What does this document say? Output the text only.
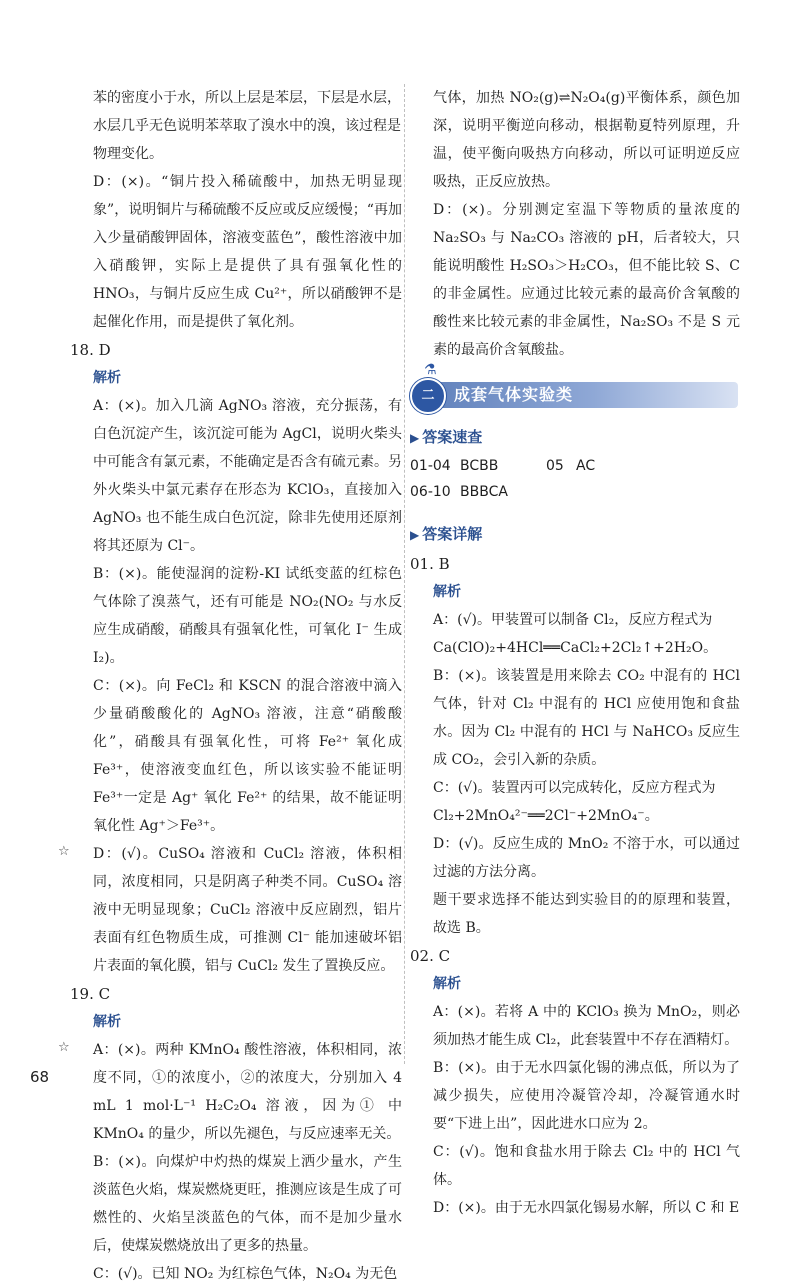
苯的密度小于水，所以上层是苯层，下层是水层，

水层几乎无色说明苯萃取了溴水中的溴，该过程是

物理变化。

D：(×)。“铜片投入稀硫酸中，加热无明显现象”，说明铜片与稀硫酸不反应或反应缓慢；“再加入少量硝酸钾固体，溶液变蓝色”，酸性溶液中加入硝酸钾，实际上是提供了具有强氧化性的 HNO₃，与铜片反应生成 Cu²⁺，所以硝酸钾不是起催化作用，而是提供了氧化剂。

18. D

解析

A：(×)。加入几滴 AgNO₃ 溶液，充分振荡，有白色沉淀产生，该沉淀可能为 AgCl，说明火柴头中可能含有氯元素，不能确定是否含有硫元素。另外火柴头中氯元素存在形态为 KClO₃，直接加入 AgNO₃ 也不能生成白色沉淀，除非先使用还原剂将其还原为 Cl⁻。

B：(×)。能使湿润的淀粉-KI 试纸变蓝的红棕色气体除了溴蒸气，还有可能是 NO₂(NO₂ 与水反应生成硝酸，硝酸具有强氧化性，可氧化 I⁻ 生成 I₂)。

C：(×)。向 FeCl₂ 和 KSCN 的混合溶液中滴入少量硝酸酸化的 AgNO₃ 溶液，注意“硝酸酸化”，硝酸具有强氧化性，可将 Fe²⁺ 氧化成 Fe³⁺，使溶液变血红色，所以该实验不能证明 Fe³⁺一定是 Ag⁺ 氧化 Fe²⁺ 的结果，故不能证明氧化性 Ag⁺＞Fe³⁺。

☆	D：(√)。CuSO₄ 溶液和 CuCl₂ 溶液，体积相同，浓度相同，只是阴离子种类不同。CuSO₄ 溶液中无明显现象；CuCl₂ 溶液中反应剧烈，铝片表面有红色物质生成，可推测 Cl⁻ 能加速破坏铝片表面的氧化膜，铝与 CuCl₂ 发生了置换反应。

19. C

解析

☆	A：(×)。两种 KMnO₄ 酸性溶液，体积相同，浓度不同，①的浓度小，②的浓度大，分别加入 4 mL 1 mol·L⁻¹ H₂C₂O₄ 溶液，因为① 中 KMnO₄ 的量少，所以先褪色，与反应速率无关。

B：(×)。向煤炉中灼热的煤炭上洒少量水，产生淡蓝色火焰，煤炭燃烧更旺，推测应该是生成了可燃性的、火焰呈淡蓝色的气体，而不是加少量水后，使煤炭燃烧放出了更多的热量。

C：(√)。已知 NO₂ 为红棕色气体，N₂O₄ 为无色

气体，加热 NO₂(g)⇌N₂O₄(g)平衡体系，颜色加深，说明平衡逆向移动，根据勒夏特列原理，升温，使平衡向吸热方向移动，所以可证明逆反应吸热，正反应放热。

D：(×)。分别测定室温下等物质的量浓度的 Na₂SO₃ 与 Na₂CO₃ 溶液的 pH，后者较大，只能说明酸性 H₂SO₃＞H₂CO₃，但不能比较 S、C 的非金属性。应通过比较元素的最高价含氧酸的酸性来比较元素的非金属性，Na₂SO₃ 不是 S 元素的最高价含氧酸盐。

⚗
二	成套气体实验类

▶ 答案速查

01-04 BCBB	05 AC

06-10 BBBCA

▶ 答案详解

01. B

解析

A：(√)。甲装置可以制备 Cl₂，反应方程式为

Ca(ClO)₂+4HCl══CaCl₂+2Cl₂↑+2H₂O。

B：(×)。该装置是用来除去 CO₂ 中混有的 HCl 气体，针对 Cl₂ 中混有的 HCl 应使用饱和食盐水。因为 Cl₂ 中混有的 HCl 与 NaHCO₃ 反应生成 CO₂，会引入新的杂质。

C：(√)。装置丙可以完成转化，反应方程式为

Cl₂+2MnO₄²⁻══2Cl⁻+2MnO₄⁻。

D：(√)。反应生成的 MnO₂ 不溶于水，可以通过过滤的方法分离。

题干要求选择不能达到实验目的的原理和装置，故选 B。

02. C

解析

A：(×)。若将 A 中的 KClO₃ 换为 MnO₂，则必须加热才能生成 Cl₂，此套装置中不存在酒精灯。

B：(×)。由于无水四氯化锡的沸点低，所以为了减少损失，应使用冷凝管冷却，冷凝管通水时要“下进上出”，因此进水口应为 2。

C：(√)。饱和食盐水用于除去 Cl₂ 中的 HCl 气体。

D：(×)。由于无水四氯化锡易水解，所以 C 和 E

68
